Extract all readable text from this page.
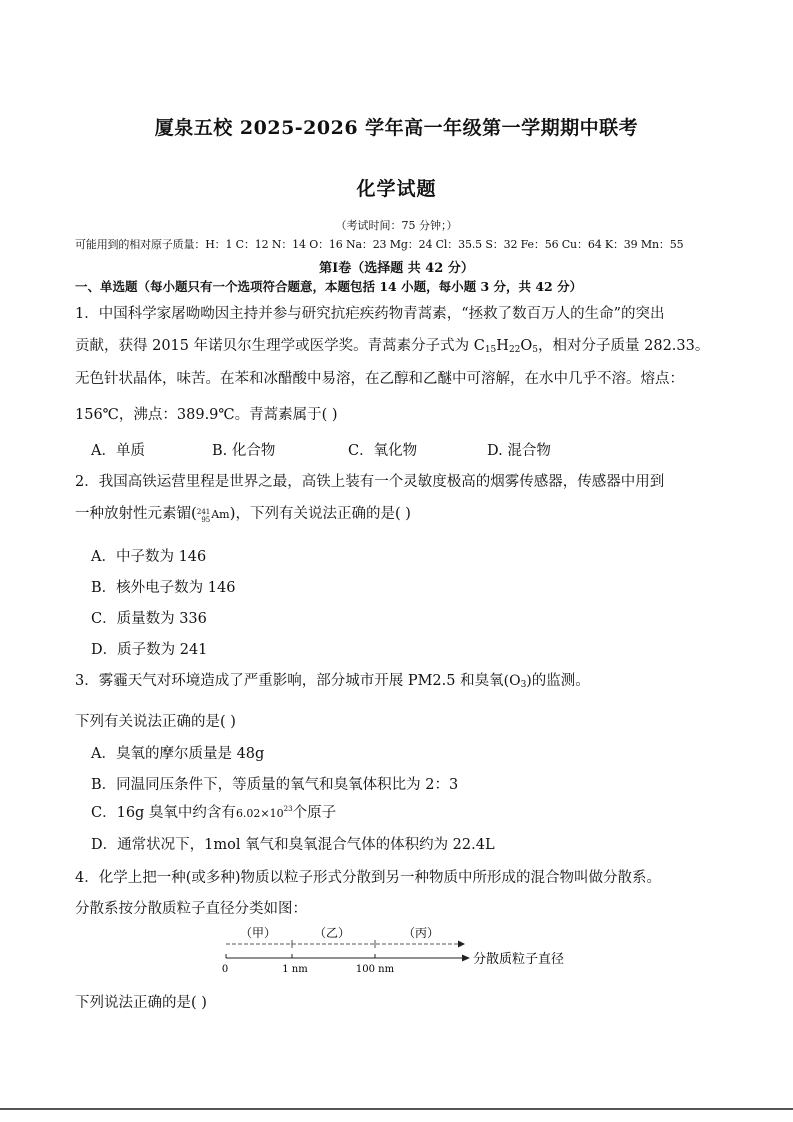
厦泉五校 2025-2026 学年高一年级第一学期期中联考
化学试题
（考试时间：75 分钟；）
可能用到的相对原子质量：H：1 C：12 N：14 O：16 Na：23 Mg：24 Cl：35.5 S：32 Fe：56 Cu：64 K：39 Mn：55
第Ⅰ卷（选择题 共 42 分）
一、单选题（每小题只有一个选项符合题意，本题包括 14 小题，每小题 3 分，共 42 分）
1．中国科学家屠呦呦因主持并参与研究抗疟疾药物青蒿素，“拯救了数百万人的生命”的突出
贡献，获得 2015 年诺贝尔生理学或医学奖。青蒿素分子式为 $C_{15}H_{22}O_5$，相对分子质量 282.33。
无色针状晶体，味苦。在苯和冰醋酸中易溶，在乙醇和乙醚中可溶解，在水中几乎不溶。熔点：
156℃，沸点：389.9℃。青蒿素属于( )
A．单质	B. 化合物	C．氧化物	D. 混合物
2．我国高铁运营里程是世界之最，高铁上装有一个灵敏度极高的烟雾传感器，传感器中用到
一种放射性元素镅(241
95Am)，下列有关说法正确的是( )
A．中子数为 146
B．核外电子数为 146
C．质量数为 336
D．质子数为 241
3．雾霾天气对环境造成了严重影响，部分城市开展 PM2.5 和臭氧$(O_3)$的监测。
下列有关说法正确的是( )
A．臭氧的摩尔质量是 48g
B．同温同压条件下，等质量的氧气和臭氧体积比为 2：3
C．16g 臭氧中约含有$6.02\times 10^{23}$个原子
D．通常状况下，1mol 氧气和臭氧混合气体的体积约为 22.4L
4．化学上把一种(或多种)物质以粒子形式分散到另一种物质中所形成的混合物叫做分散系。
分散系按分散质粒子直径分类如图：
（甲）	（乙）	（丙）
0	1 nm	100 nm
分散质粒子直径
下列说法正确的是( )
